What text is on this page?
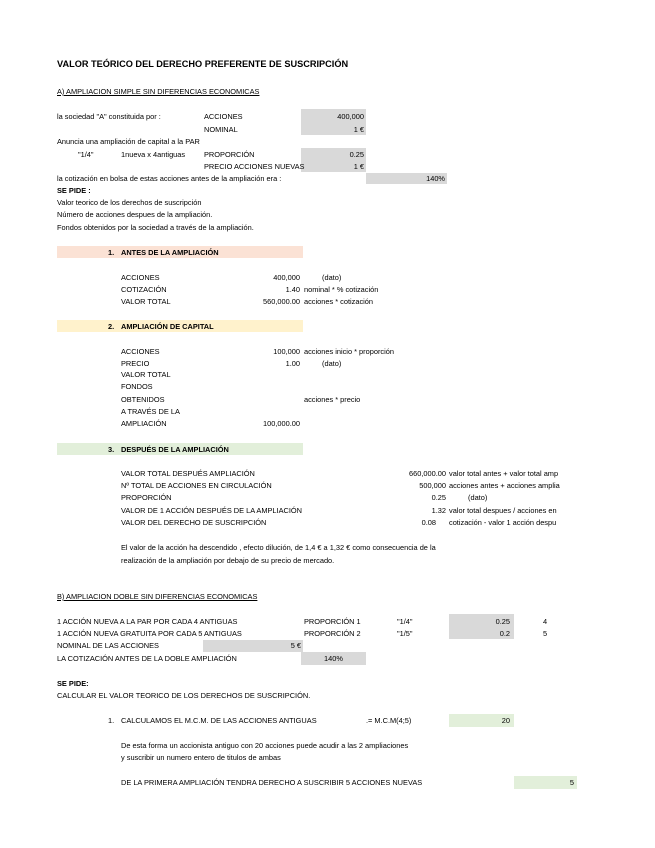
VALOR TEÓRICO DEL DERECHO PREFERENTE DE SUSCRIPCIÓN
A) AMPLIACION SIMPLE SIN DIFERENCIAS ECONOMICAS
la sociedad "A" constituida por :	ACCIONES	400,000
NOMINAL	1 €
Anuncia una ampliación de capital a la PAR
"1/4"	1nueva x 4antiguas	PROPORCIÓN	0.25
PRECIO ACCIONES NUEVAS	1 €
la cotización en bolsa de estas acciones antes de la ampliación era :	140%
SE PIDE :
Valor teorico de los derechos de suscripción
Número de acciones despues de la ampliación.
Fondos obtenidos por la sociedad a través de la ampliación.
1. ANTES DE LA AMPLIACIÓN
ACCIONES	400,000	(dato)
COTIZACIÓN	1.40 nominal * % cotización
VALOR TOTAL	560,000.00 acciones * cotización
2. AMPLIACIÓN DE CAPITAL
ACCIONES	100,000 acciones inicio * proporción
PRECIO	1.00	(dato)
VALOR TOTAL
FONDOS
OBTENIDOS	acciones * precio
A TRAVÉS DE LA
AMPLIACIÓN	100,000.00
3. DESPUÉS DE LA AMPLIACIÓN
VALOR TOTAL DESPUÉS AMPLIACIÓN	660,000.00 valor total antes + valor total amp
Nº TOTAL DE ACCIONES EN CIRCULACIÓN	500,000 acciones antes + acciones amplia
PROPORCIÓN	0.25	(dato)
VALOR DE 1 ACCIÓN DESPUÉS DE LA AMPLIACIÓN	1.32 valor total despues / acciones en
VALOR DEL DERECHO DE SUSCRIPCIÓN	0.08 cotización - valor 1 acción despu
El valor de la acción ha descendido , efecto dilución, de 1,4 € a 1,32 € como consecuencia de la
realización de la ampliación por debajo de su precio de mercado.
B) AMPLIACION DOBLE SIN DIFERENCIAS ECONOMICAS
1 ACCIÓN NUEVA A LA PAR POR CADA 4 ANTIGUAS	PROPORCIÓN 1	"1/4"	0.25	4
1 ACCIÓN NUEVA GRATUITA POR CADA 5 ANTIGUAS	PROPORCIÓN 2	"1/5"	0.2	5
NOMINAL DE LAS ACCIONES	5 €
LA COTIZACIÓN ANTES DE LA DOBLE AMPLIACIÓN	140%
SE PIDE:
CALCULAR EL VALOR TEORICO DE LOS DERECHOS DE SUSCRIPCIÓN.
1. CALCULAMOS EL M.C.M. DE LAS ACCIONES ANTIGUAS	.= M.C.M(4;5)	20
De esta forma un accionista antiguo con 20 acciones puede acudir a las 2 ampliaciones
y suscribir un numero entero de titulos de ambas
DE LA PRIMERA AMPLIACIÓN TENDRA DERECHO A SUSCRIBIR 5 ACCIONES NUEVAS	5
